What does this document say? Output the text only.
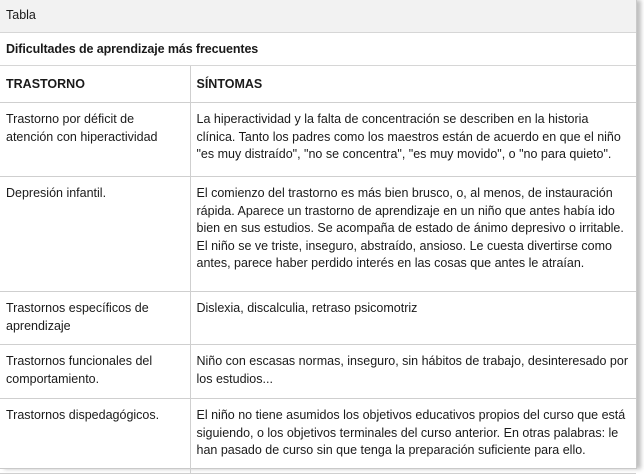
Tabla
Dificultades de aprendizaje más frecuentes
TRASTORNO	SÍNTOMAS
Trastorno por déficit de atención con hiperactividad	La hiperactividad y la falta de concentración se describen en la historia clínica. Tanto los padres como los maestros están de acuerdo en que el niño "es muy distraído", "no se concentra", "es muy movido", o "no para quieto".
Depresión infantil.	El comienzo del trastorno es más bien brusco, o, al menos, de instauración rápida. Aparece un trastorno de aprendizaje en un niño que antes había ido bien en sus estudios. Se acompaña de estado de ánimo depresivo o irritable. El niño se ve triste, inseguro, abstraído, ansioso. Le cuesta divertirse como antes, parece haber perdido interés en las cosas que antes le atraían.
Trastornos específicos de aprendizaje	Dislexia, discalculia, retraso psicomotriz
Trastornos funcionales del comportamiento.	Niño con escasas normas, inseguro, sin hábitos de trabajo, desinteresado por los estudios...
Trastornos dispedagógicos.	El niño no tiene asumidos los objetivos educativos propios del curso que está siguiendo, o los objetivos terminales del curso anterior. En otras palabras: le han pasado de curso sin que tenga la preparación suficiente para ello.
